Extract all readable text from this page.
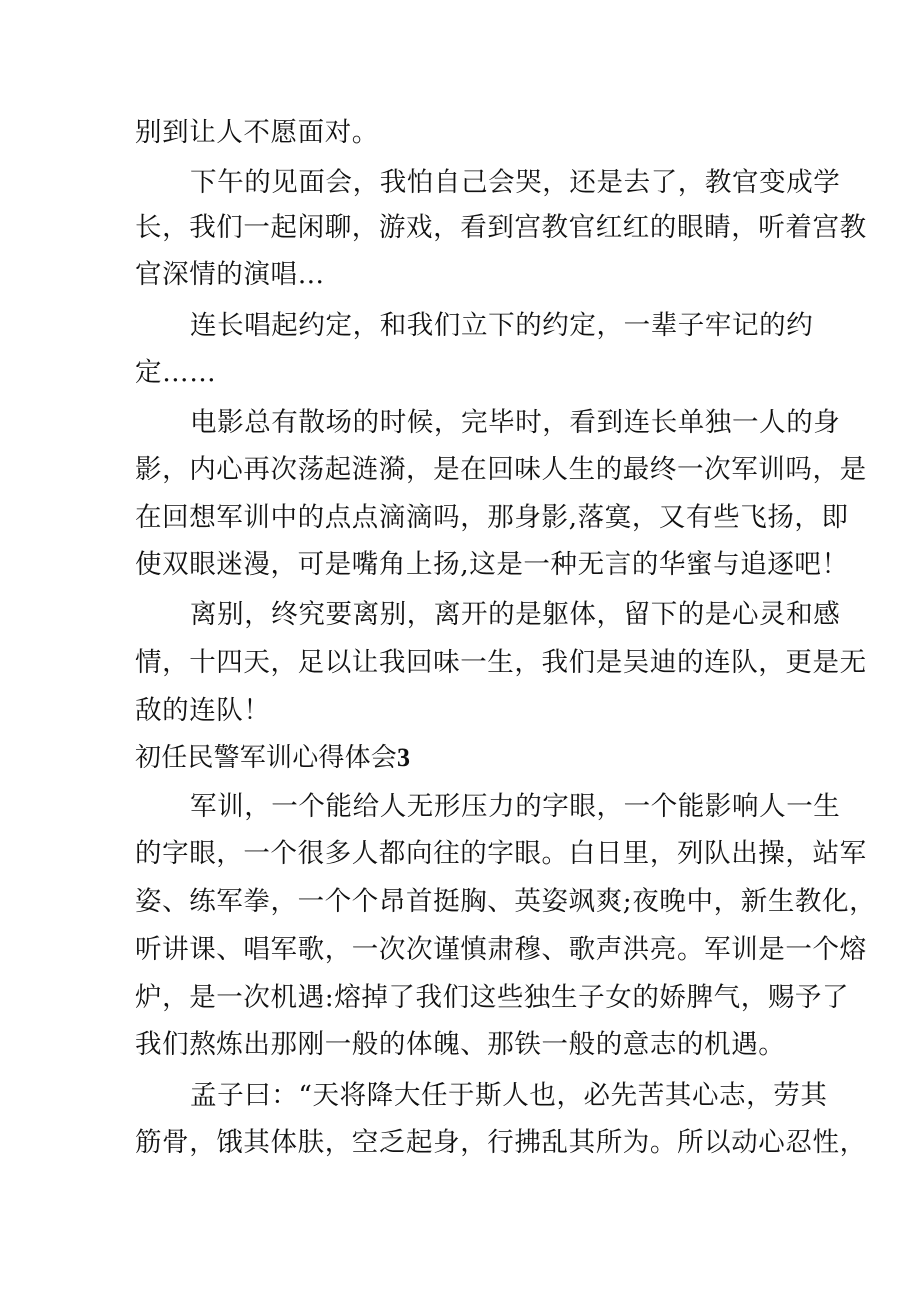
别到让人不愿面对。
下午的见面会，我怕自己会哭，还是去了，教官变成学
长，我们一起闲聊，游戏，看到宫教官红红的眼睛，听着宫教
官深情的演唱…
连长唱起约定，和我们立下的约定，一辈子牢记的约
定……
电影总有散场的时候，完毕时，看到连长单独一人的身
影，内心再次荡起涟漪，是在回味人生的最终一次军训吗，是
在回想军训中的点点滴滴吗，那身影,落寞，又有些飞扬，即
使双眼迷漫，可是嘴角上扬,这是一种无言的华蜜与追逐吧！
离别，终究要离别，离开的是躯体，留下的是心灵和感
情，十四天，足以让我回味一生，我们是吴迪的连队，更是无
敌的连队！
初任民警军训心得体会3
军训，一个能给人无形压力的字眼，一个能影响人一生
的字眼，一个很多人都向往的字眼。白日里，列队出操，站军
姿、练军拳，一个个昂首挺胸、英姿飒爽;夜晚中，新生教化，
听讲课、唱军歌，一次次谨慎肃穆、歌声洪亮。军训是一个熔
炉，是一次机遇:熔掉了我们这些独生子女的娇脾气，赐予了
我们熬炼出那刚一般的体魄、那铁一般的意志的机遇。
孟子曰：“天将降大任于斯人也，必先苦其心志，劳其
筋骨，饿其体肤，空乏起身，行拂乱其所为。所以动心忍性，
